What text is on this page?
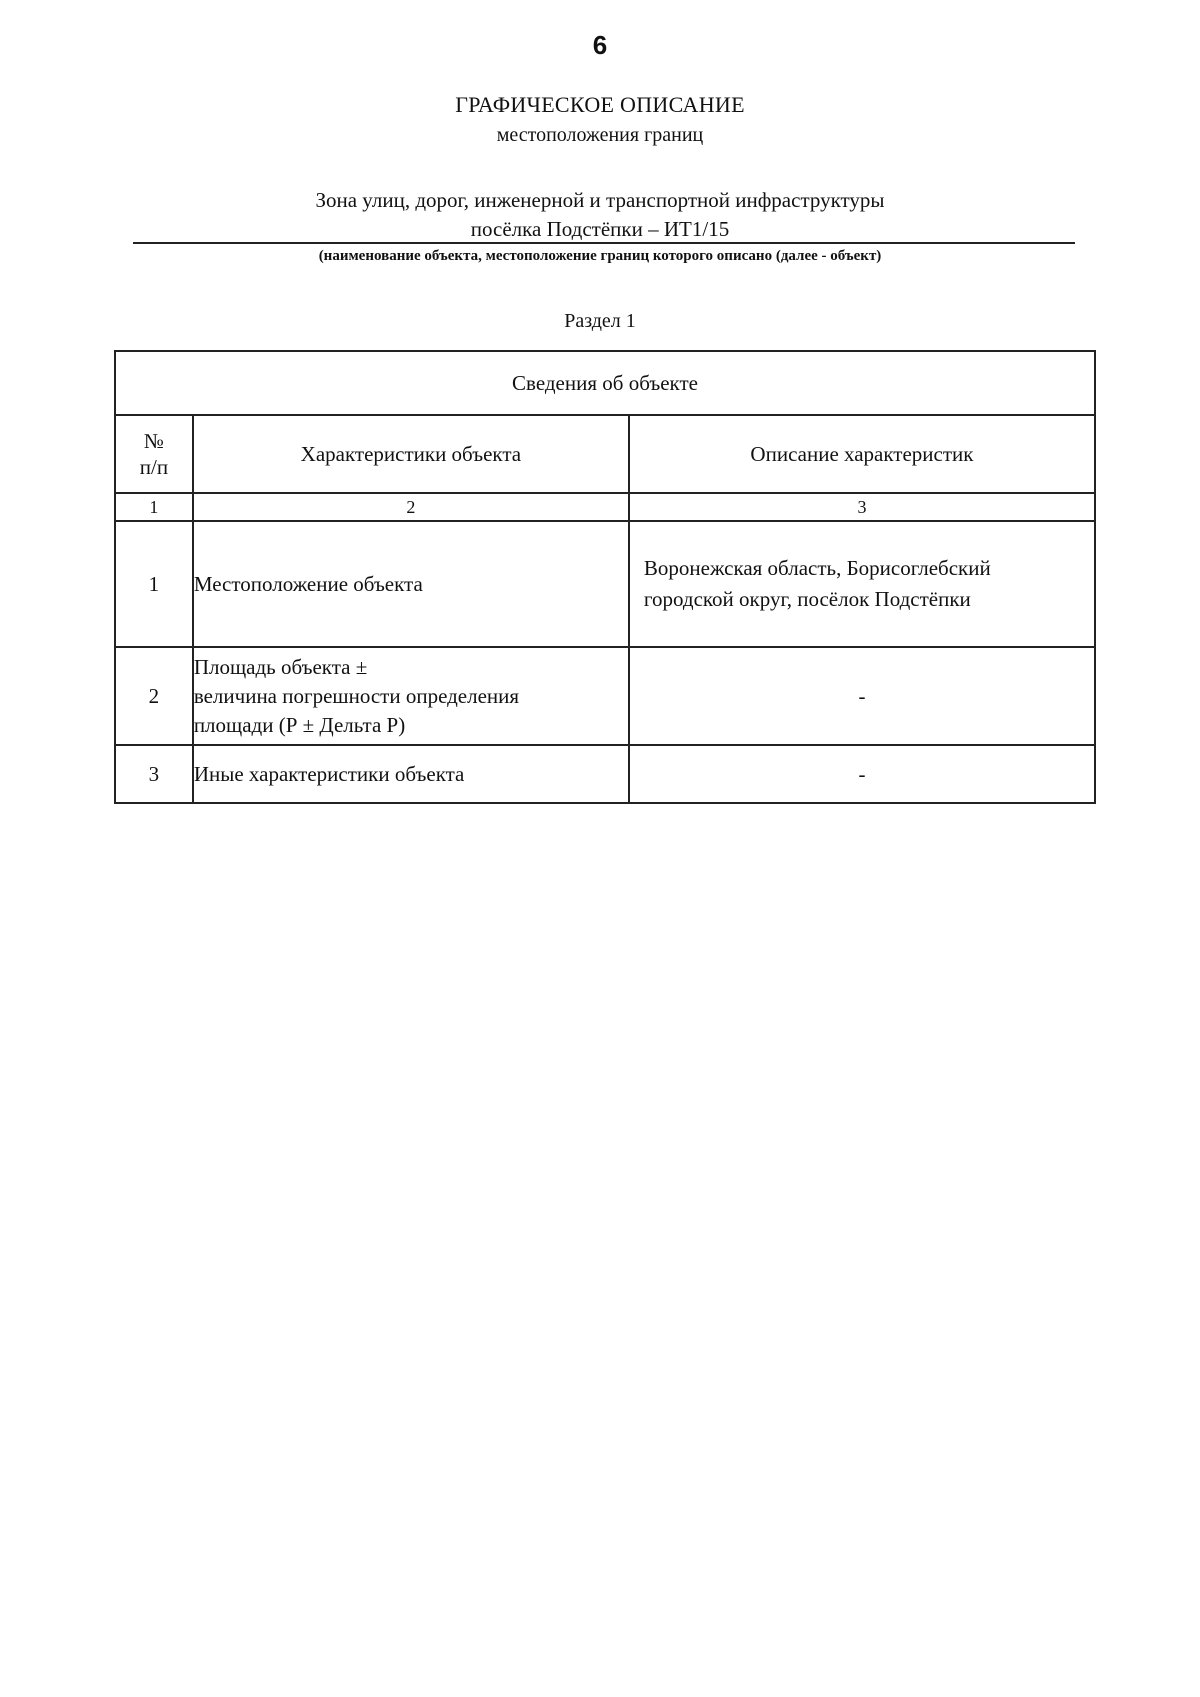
6
ГРАФИЧЕСКОЕ ОПИСАНИЕ
местоположения границ
Зона улиц, дорог, инженерной и транспортной инфраструктуры
посёлка Подстёпки – ИТ1/15
(наименование объекта, местоположение границ которого описано (далее - объект)
Раздел 1
Сведения об объекте		

№
п/п	Характеристики объекта	Описание характеристик
1	2	3
1	Местоположение объекта	Воронежская область, Борисоглебский
городской округ, посёлок Подстёпки

2	Площадь объекта ±
величина погрешности определения
площади (Р ± Дельта Р)	-

3	Иные характеристики объекта	-
